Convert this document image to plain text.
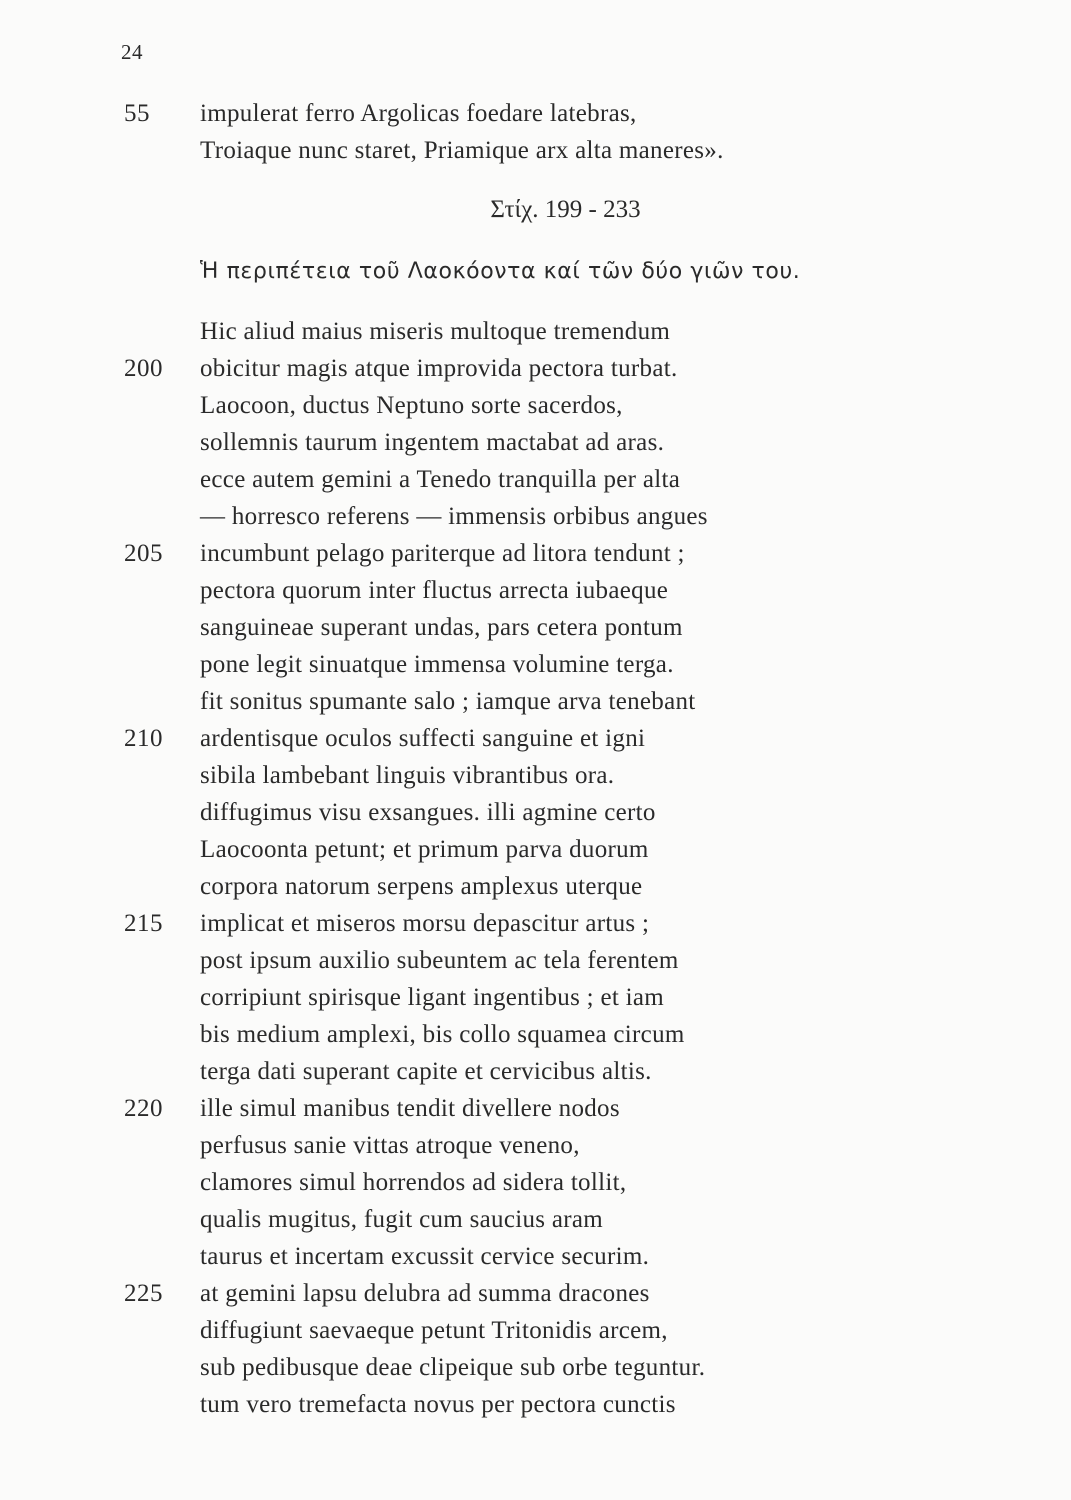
24
55	impulerat ferro Argolicas foedare latebras,
Troiaque nunc staret, Priamique arx alta maneres».
Στίχ. 199 - 233
Ἡ περιπέτεια τοῦ Λαοκόοντα καί τῶν δύο γιῶν του.
Hic aliud maius miseris multoque tremendum
200	obicitur magis atque improvida pectora turbat.
Laocoon, ductus Neptuno sorte sacerdos,
sollemnis taurum ingentem mactabat ad aras.
ecce autem gemini a Tenedo tranquilla per alta
— horresco referens — immensis orbibus angues
205	incumbunt pelago pariterque ad litora tendunt ;
pectora quorum inter fluctus arrecta iubaeque
sanguineae superant undas, pars cetera pontum
pone legit sinuatque immensa volumine terga.
fit sonitus spumante salo ; iamque arva tenebant
210	ardentisque oculos suffecti sanguine et igni
sibila lambebant linguis vibrantibus ora.
diffugimus visu exsangues. illi agmine certo
Laocoonta petunt; et primum parva duorum
corpora natorum serpens amplexus uterque
215	implicat et miseros morsu depascitur artus ;
post ipsum auxilio subeuntem ac tela ferentem
corripiunt spirisque ligant ingentibus ; et iam
bis medium amplexi, bis collo squamea circum
terga dati superant capite et cervicibus altis.
220	ille simul manibus tendit divellere nodos
perfusus sanie vittas atroque veneno,
clamores simul horrendos ad sidera tollit,
qualis mugitus, fugit cum saucius aram
taurus et incertam excussit cervice securim.
225	at gemini lapsu delubra ad summa dracones
diffugiunt saevaeque petunt Tritonidis arcem,
sub pedibusque deae clipeique sub orbe teguntur.
tum vero tremefacta novus per pectora cunctis
